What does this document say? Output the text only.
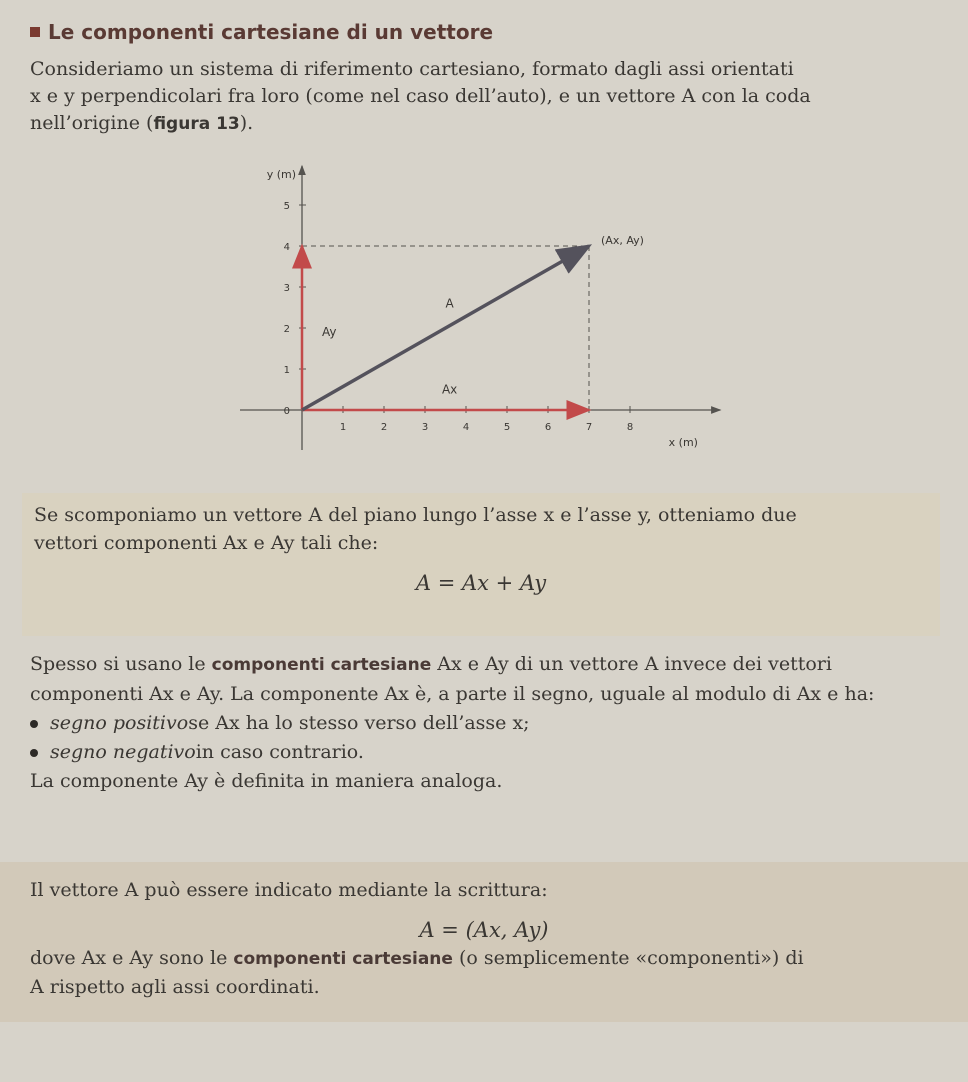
Le componenti cartesiane di un vettore
Consideriamo un sistema di riferimento cartesiano, formato dagli assi orientati
x e y perpendicolari fra loro (come nel caso dell’auto), e un vettore A con la coda
nell’origine (figura 13).
1	2	3	4	5	6	7	8
0
1
2
3
4
5
y (m)
x (m)
(Ax, Ay)
A
Ax
Ay
Se scomponiamo un vettore A del piano lungo l’asse x e l’asse y, otteniamo due
vettori componenti Ax e Ay tali che:
A = Ax + Ay
Spesso si usano le componenti cartesiane Ax e Ay di un vettore A invece dei vettori
componenti Ax e Ay. La componente Ax è, a parte il segno, uguale al modulo di Ax e ha:
segno positivo se Ax ha lo stesso verso dell’asse x;
segno negativo in caso contrario.
La componente Ay è definita in maniera analoga.
Il vettore A può essere indicato mediante la scrittura:
A = (Ax, Ay)
dove Ax e Ay sono le componenti cartesiane (o semplicemente «componenti») di
A rispetto agli assi coordinati.
